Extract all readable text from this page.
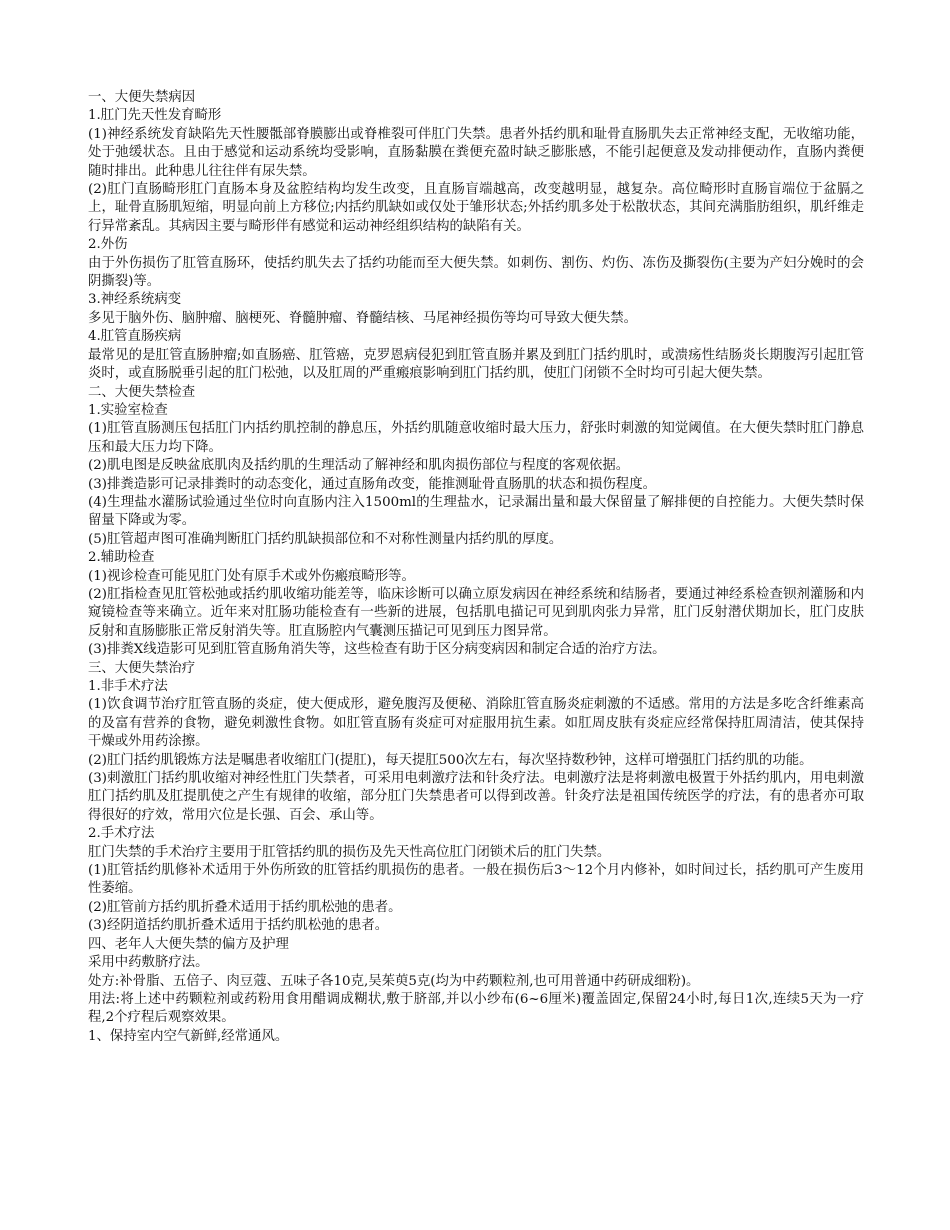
一、大便失禁病因

1.肛门先天性发育畸形

(1)神经系统发育缺陷先天性腰骶部脊膜膨出或脊椎裂可伴肛门失禁。患者外括约肌和耻骨直肠肌失去正常神经支配，无收缩功能，处于弛缓状态。且由于感觉和运动系统均受影响，直肠黏膜在粪便充盈时缺乏膨胀感，不能引起便意及发动排便动作，直肠内粪便随时排出。此种患儿往往伴有尿失禁。

(2)肛门直肠畸形肛门直肠本身及盆腔结构均发生改变，且直肠盲端越高，改变越明显，越复杂。高位畸形时直肠盲端位于盆膈之上，耻骨直肠肌短缩，明显向前上方移位;内括约肌缺如或仅处于雏形状态;外括约肌多处于松散状态，其间充满脂肪组织，肌纤维走行异常紊乱。其病因主要与畸形伴有感觉和运动神经组织结构的缺陷有关。

2.外伤

由于外伤损伤了肛管直肠环，使括约肌失去了括约功能而至大便失禁。如刺伤、割伤、灼伤、冻伤及撕裂伤(主要为产妇分娩时的会阴撕裂)等。

3.神经系统病变

多见于脑外伤、脑肿瘤、脑梗死、脊髓肿瘤、脊髓结核、马尾神经损伤等均可导致大便失禁。

4.肛管直肠疾病

最常见的是肛管直肠肿瘤;如直肠癌、肛管癌，克罗恩病侵犯到肛管直肠并累及到肛门括约肌时，或溃疡性结肠炎长期腹泻引起肛管炎时，或直肠脱垂引起的肛门松弛，以及肛周的严重瘢痕影响到肛门括约肌，使肛门闭锁不全时均可引起大便失禁。

二、大便失禁检查

1.实验室检查

(1)肛管直肠测压包括肛门内括约肌控制的静息压，外括约肌随意收缩时最大压力，舒张时刺激的知觉阈值。在大便失禁时肛门静息压和最大压力均下降。

(2)肌电图是反映盆底肌肉及括约肌的生理活动了解神经和肌肉损伤部位与程度的客观依据。

(3)排粪造影可记录排粪时的动态变化，通过直肠角改变，能推测耻骨直肠肌的状态和损伤程度。

(4)生理盐水灌肠试验通过坐位时向直肠内注入1500ml的生理盐水，记录漏出量和最大保留量了解排便的自控能力。大便失禁时保留量下降或为零。

(5)肛管超声图可准确判断肛门括约肌缺损部位和不对称性测量内括约肌的厚度。

2.辅助检查

(1)视诊检查可能见肛门处有原手术或外伤瘢痕畸形等。

(2)肛指检查见肛管松弛或括约肌收缩功能差等，临床诊断可以确立原发病因在神经系统和结肠者，要通过神经系检查钡剂灌肠和内窥镜检查等来确立。近年来对肛肠功能检查有一些新的进展，包括肌电描记可见到肌肉张力异常，肛门反射潜伏期加长，肛门皮肤反射和直肠膨胀正常反射消失等。肛直肠腔内气囊测压描记可见到压力图异常。

(3)排粪X线造影可见到肛管直肠角消失等，这些检查有助于区分病变病因和制定合适的治疗方法。

三、大便失禁治疗

1.非手术疗法

(1)饮食调节治疗肛管直肠的炎症，使大便成形，避免腹泻及便秘、消除肛管直肠炎症刺激的不适感。常用的方法是多吃含纤维素高的及富有营养的食物，避免刺激性食物。如肛管直肠有炎症可对症服用抗生素。如肛周皮肤有炎症应经常保持肛周清洁，使其保持干燥或外用药涂擦。

(2)肛门括约肌锻炼方法是嘱患者收缩肛门(提肛)，每天提肛500次左右，每次坚持数秒钟，这样可增强肛门括约肌的功能。

(3)刺激肛门括约肌收缩对神经性肛门失禁者，可采用电刺激疗法和针灸疗法。电刺激疗法是将刺激电极置于外括约肌内，用电刺激肛门括约肌及肛提肌使之产生有规律的收缩，部分肛门失禁患者可以得到改善。针灸疗法是祖国传统医学的疗法，有的患者亦可取得很好的疗效，常用穴位是长强、百会、承山等。

2.手术疗法

肛门失禁的手术治疗主要用于肛管括约肌的损伤及先天性高位肛门闭锁术后的肛门失禁。

(1)肛管括约肌修补术适用于外伤所致的肛管括约肌损伤的患者。一般在损伤后3～12个月内修补，如时间过长，括约肌可产生废用性萎缩。

(2)肛管前方括约肌折叠术适用于括约肌松弛的患者。

(3)经阴道括约肌折叠术适用于括约肌松弛的患者。

四、老年人大便失禁的偏方及护理

采用中药敷脐疗法。

处方:补骨脂、五倍子、肉豆蔻、五味子各10克,吴茱萸5克(均为中药颗粒剂,也可用普通中药研成细粉)。

用法:将上述中药颗粒剂或药粉用食用醋调成糊状,敷于脐部,并以小纱布(6~6厘米)覆盖固定,保留24小时,每日1次,连续5天为一疗程,2个疗程后观察效果。

1、保持室内空气新鲜,经常通风。
